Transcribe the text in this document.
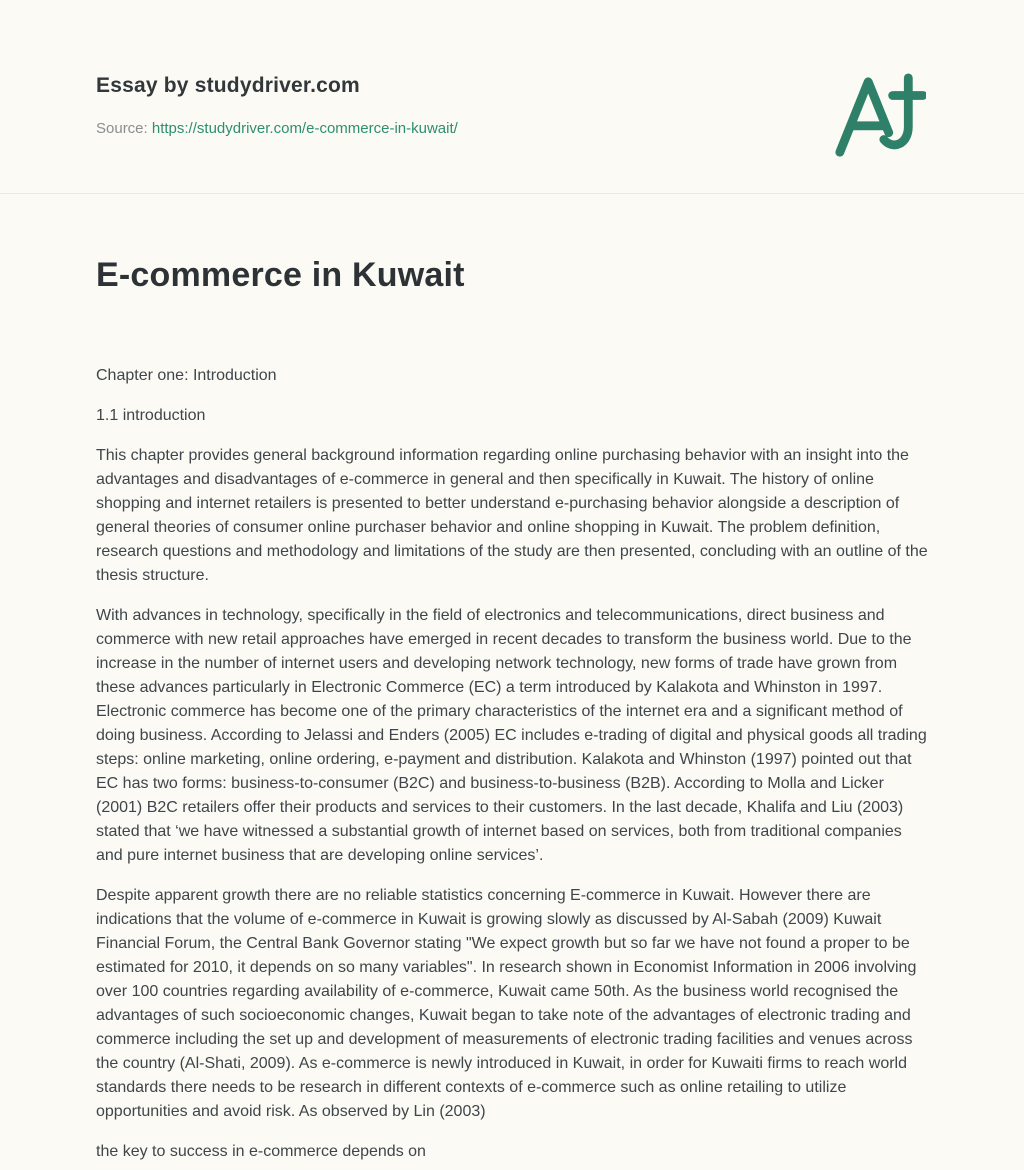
Essay by studydriver.com
Source: https://studydriver.com/e-commerce-in-kuwait/
E-commerce in Kuwait

Chapter one: Introduction

1.1 introduction

This chapter provides general background information regarding online purchasing behavior with an insight into the advantages and disadvantages of e-commerce in general and then specifically in Kuwait. The history of online shopping and internet retailers is presented to better understand e-purchasing behavior alongside a description of general theories of consumer online purchaser behavior and online shopping in Kuwait. The problem definition, research questions and methodology and limitations of the study are then presented, concluding with an outline of the thesis structure.

With advances in technology, specifically in the field of electronics and telecommunications, direct business and commerce with new retail approaches have emerged in recent decades to transform the business world. Due to the increase in the number of internet users and developing network technology, new forms of trade have grown from these advances particularly in Electronic Commerce (EC) a term introduced by Kalakota and Whinston in 1997. Electronic commerce has become one of the primary characteristics of the internet era and a significant method of doing business. According to Jelassi and Enders (2005) EC includes e-trading of digital and physical goods all trading steps: online marketing, online ordering, e-payment and distribution. Kalakota and Whinston (1997) pointed out that EC has two forms: business-to-consumer (B2C) and business-to-business (B2B). According to Molla and Licker (2001) B2C retailers offer their products and services to their customers. In the last decade, Khalifa and Liu (2003) stated that ‘we have witnessed a substantial growth of internet based on services, both from traditional companies and pure internet business that are developing online services’.

Despite apparent growth there are no reliable statistics concerning E-commerce in Kuwait. However there are indications that the volume of e-commerce in Kuwait is growing slowly as discussed by Al-Sabah (2009) Kuwait Financial Forum, the Central Bank Governor stating "We expect growth but so far we have not found a proper to be estimated for 2010, it depends on so many variables". In research shown in Economist Information in 2006 involving over 100 countries regarding availability of e-commerce, Kuwait came 50th. As the business world recognised the advantages of such socioeconomic changes, Kuwait began to take note of the advantages of electronic trading and commerce including the set up and development of measurements of electronic trading facilities and venues across the country (Al-Shati, 2009). As e-commerce is newly introduced in Kuwait, in order for Kuwaiti firms to reach world standards there needs to be research in different contexts of e-commerce such as online retailing to utilize opportunities and avoid risk. As observed by Lin (2003)

the key to success in e-commerce depends on
